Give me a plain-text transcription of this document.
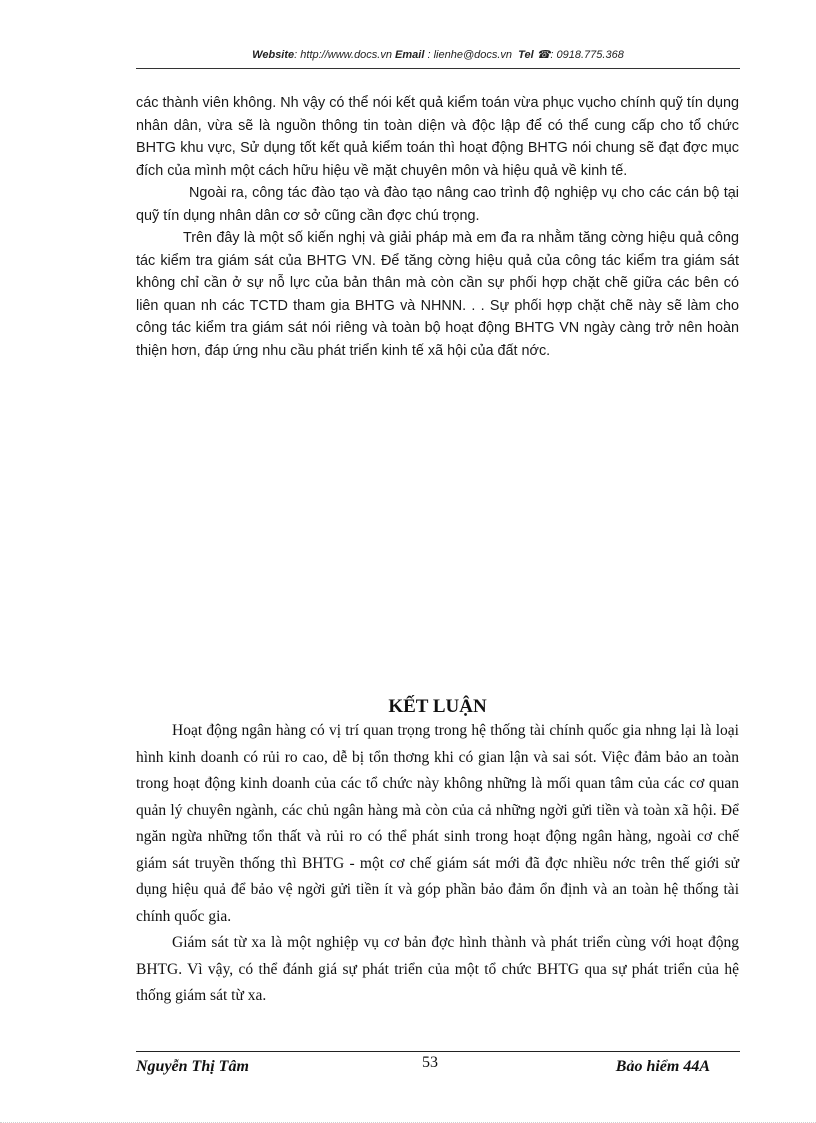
Website: http://www.docs.vn Email : lienhe@docs.vn Tel ☎: 0918.775.368

các thành viên không. Nh vậy có thể nói kết quả kiểm toán vừa phục vụcho chính quỹ tín dụng nhân dân, vừa sẽ là nguồn thông tin toàn diện và độc lập để có thể cung cấp cho tổ chức BHTG khu vực, Sử dụng tốt kết quả kiểm toán thì hoạt động BHTG nói chung sẽ đạt đợc mục đích của mình một cách hữu hiệu về mặt chuyên môn và hiệu quả về kinh tế.

Ngoài ra, công tác đào tạo và đào tạo nâng cao trình độ nghiệp vụ cho các cán bộ tại quỹ tín dụng nhân dân cơ sở cũng cần đợc chú trọng.

Trên đây là một số kiến nghị và giải pháp mà em đa ra nhằm tăng cờng hiệu quả công tác kiểm tra giám sát của BHTG VN. Để tăng cờng hiệu quả của công tác kiểm tra giám sát không chỉ cần ở sự nỗ lực của bản thân mà còn cần sự phối hợp chặt chẽ giữa các bên có liên quan nh các TCTD tham gia BHTG và NHNN. . . Sự phối hợp chặt chẽ này sẽ làm cho công tác kiểm tra giám sát nói riêng và toàn bộ hoạt động BHTG VN ngày càng trở nên hoàn thiện hơn, đáp ứng nhu cầu phát triển kinh tế xã hội của đất nớc.

KẾT LUẬN

Hoạt động ngân hàng có vị trí quan trọng trong hệ thống tài chính quốc gia nhng lại là loại hình kinh doanh có rủi ro cao, dễ bị tổn thơng khi có gian lận và sai sót. Việc đảm bảo an toàn trong hoạt động kinh doanh của các tổ chức này không những là mối quan tâm của các cơ quan quản lý chuyên ngành, các chủ ngân hàng mà còn của cả những ngời gửi tiền và toàn xã hội. Để ngăn ngừa những tổn thất và rủi ro có thể phát sinh trong hoạt động ngân hàng, ngoài cơ chế giám sát truyền thống thì BHTG - một cơ chế giám sát mới đã đợc nhiều nớc trên thế giới sử dụng hiệu quả để bảo vệ ngời gửi tiền ít và góp phần bảo đảm ổn định và an toàn hệ thống tài chính quốc gia.

Giám sát từ xa là một nghiệp vụ cơ bản đợc hình thành và phát triển cùng với hoạt động BHTG. Vì vậy, có thể đánh giá sự phát triển của một tổ chức BHTG qua sự phát triển của hệ thống giám sát từ xa.

Nguyễn Thị Tâm	53	Bảo hiểm 44A
